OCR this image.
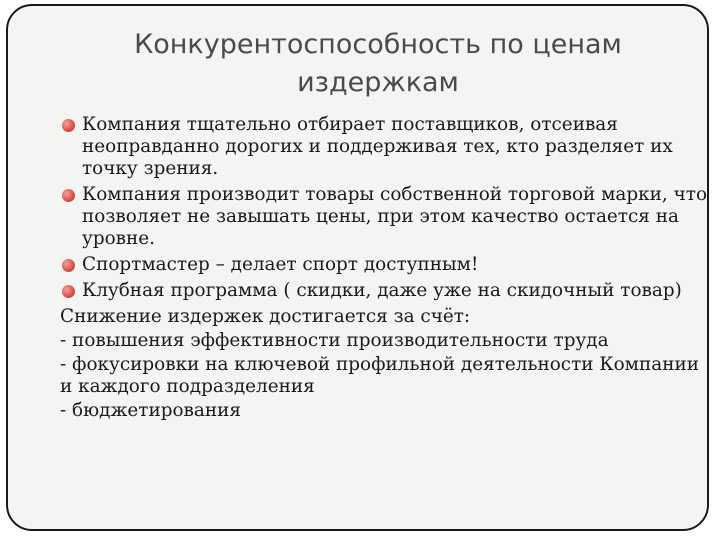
Конкурентоспособность по ценам
издержкам
Компания тщательно отбирает поставщиков, отсеивая неоправданно дорогих и поддерживая тех, кто разделяет их точку зрения.
Компания производит товары собственной торговой марки, что позволяет не завышать цены, при этом качество остается на уровне.
Спортмастер – делает спорт доступным!
Клубная программа ( скидки, даже уже на скидочный товар)
Снижение издержек достигается за счёт:
- повышения эффективности производительности труда
- фокусировки на ключевой профильной деятельности Компании и каждого подразделения
- бюджетирования
